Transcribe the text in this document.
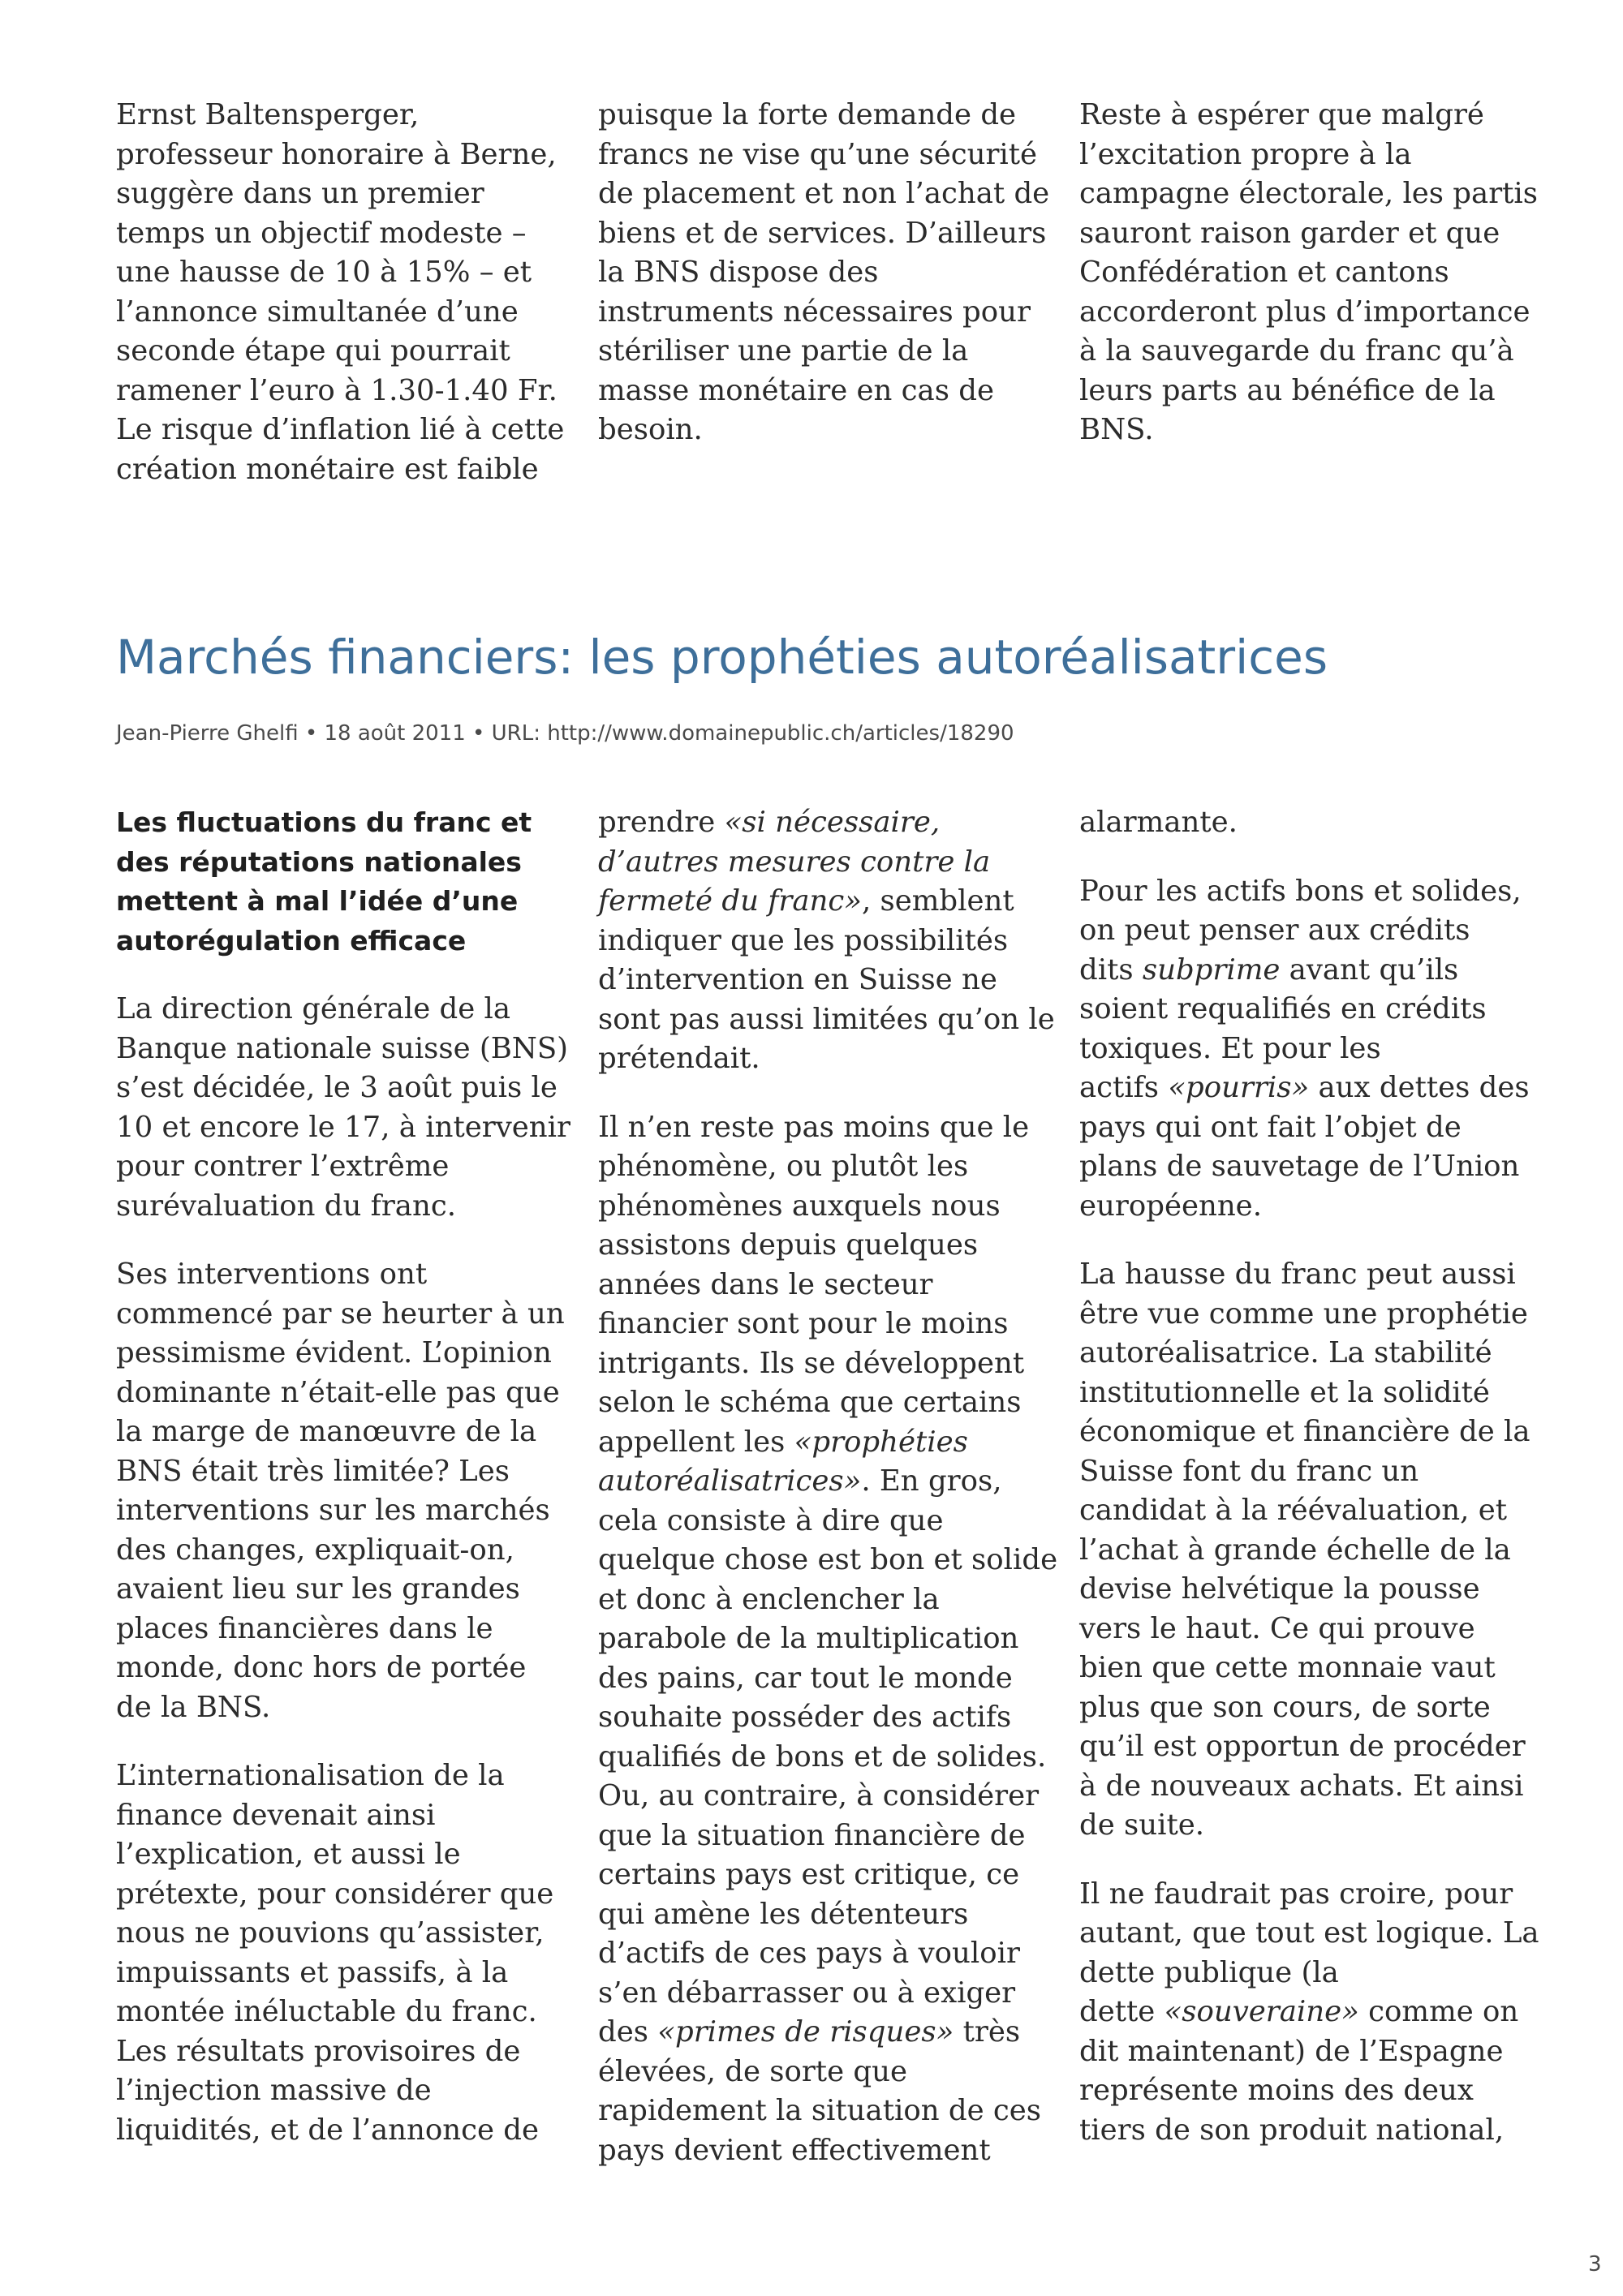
Ernst Baltensperger,
professeur honoraire à Berne,
suggère dans un premier
temps un objectif modeste –
une hausse de 10 à 15% – et
l’annonce simultanée d’une
seconde étape qui pourrait
ramener l’euro à 1.30-1.40 Fr.
Le risque d’inflation lié à cette
création monétaire est faible

puisque la forte demande de
francs ne vise qu’une sécurité
de placement et non l’achat de
biens et de services. D’ailleurs
la BNS dispose des
instruments nécessaires pour
stériliser une partie de la
masse monétaire en cas de
besoin.

Reste à espérer que malgré
l’excitation propre à la
campagne électorale, les partis
sauront raison garder et que
Confédération et cantons
accorderont plus d’importance
à la sauvegarde du franc qu’à
leurs parts au bénéfice de la
BNS.

Marchés financiers: les prophéties autoréalisatrices
Jean-Pierre Ghelfi • 18 août 2011 • URL: http://www.domainepublic.ch/articles/18290

Les fluctuations du franc et
des réputations nationales
mettent à mal l’idée d’une
autorégulation efficace

La direction générale de la
Banque nationale suisse (BNS)
s’est décidée, le 3 août puis le
10 et encore le 17, à intervenir
pour contrer l’extrême
surévaluation du franc.

Ses interventions ont
commencé par se heurter à un
pessimisme évident. L’opinion
dominante n’était-elle pas que
la marge de manœuvre de la
BNS était très limitée? Les
interventions sur les marchés
des changes, expliquait-on,
avaient lieu sur les grandes
places financières dans le
monde, donc hors de portée
de la BNS.

L’internationalisation de la
finance devenait ainsi
l’explication, et aussi le
prétexte, pour considérer que
nous ne pouvions qu’assister,
impuissants et passifs, à la
montée inéluctable du franc.
Les résultats provisoires de
l’injection massive de
liquidités, et de l’annonce de

prendre «si nécessaire,
d’autres mesures contre la
fermeté du franc», semblent
indiquer que les possibilités
d’intervention en Suisse ne
sont pas aussi limitées qu’on le
prétendait.

Il n’en reste pas moins que le
phénomène, ou plutôt les
phénomènes auxquels nous
assistons depuis quelques
années dans le secteur
financier sont pour le moins
intrigants. Ils se développent
selon le schéma que certains
appellent les «prophéties
autoréalisatrices». En gros,
cela consiste à dire que
quelque chose est bon et solide
et donc à enclencher la
parabole de la multiplication
des pains, car tout le monde
souhaite posséder des actifs
qualifiés de bons et de solides.
Ou, au contraire, à considérer
que la situation financière de
certains pays est critique, ce
qui amène les détenteurs
d’actifs de ces pays à vouloir
s’en débarrasser ou à exiger
des «primes de risques» très
élevées, de sorte que
rapidement la situation de ces
pays devient effectivement

alarmante.

Pour les actifs bons et solides,
on peut penser aux crédits
dits subprime avant qu’ils
soient requalifiés en crédits
toxiques. Et pour les
actifs «pourris» aux dettes des
pays qui ont fait l’objet de
plans de sauvetage de l’Union
européenne.

La hausse du franc peut aussi
être vue comme une prophétie
autoréalisatrice. La stabilité
institutionnelle et la solidité
économique et financière de la
Suisse font du franc un
candidat à la réévaluation, et
l’achat à grande échelle de la
devise helvétique la pousse
vers le haut. Ce qui prouve
bien que cette monnaie vaut
plus que son cours, de sorte
qu’il est opportun de procéder
à de nouveaux achats. Et ainsi
de suite.

Il ne faudrait pas croire, pour
autant, que tout est logique. La
dette publique (la
dette «souveraine» comme on
dit maintenant) de l’Espagne
représente moins des deux
tiers de son produit national,

3
